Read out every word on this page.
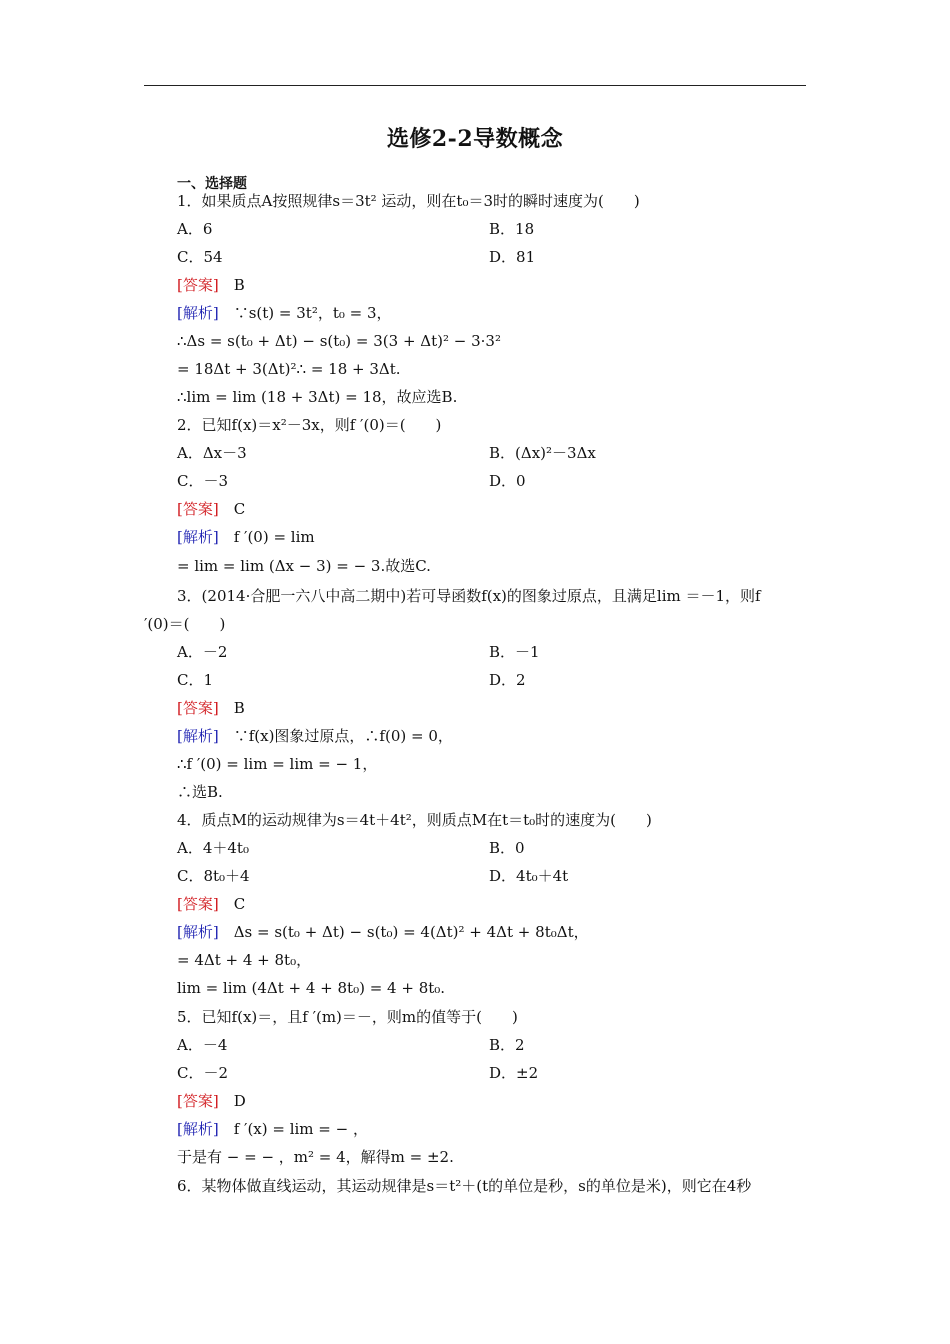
选修2-2导数概念
一、选择题
1．如果质点A按照规律s＝3t² 运动，则在t₀＝3时的瞬时速度为(　　)
A．6	B．18
C．54	D．81
[答案]　B
[解析]　∵s(t) = 3t²，t₀ = 3，
∴Δs = s(t₀ + Δt) − s(t₀) = 3(3 + Δt)² − 3·3²
= 18Δt + 3(Δt)²∴ = 18 + 3Δt.
∴lim = lim (18 + 3Δt) = 18，故应选B.
2．已知f(x)＝x²－3x，则f ′(0)＝(　　)
A．Δx－3	B．(Δx)²－3Δx
C．－3	D．0
[答案]　C
[解析]　f ′(0) = lim
= lim = lim (Δx − 3) = − 3.故选C.
3．(2014·合肥一六八中高二期中)若可导函数f(x)的图象过原点，且满足lim ＝－1，则f
′(0)＝(　　)
A．－2	B．－1
C．1	D．2
[答案]　B
[解析]　∵f(x)图象过原点，∴f(0) = 0，
∴f ′(0) = lim = lim = − 1，
∴选B.
4．质点M的运动规律为s＝4t＋4t²，则质点M在t＝t₀时的速度为(　　)
A．4＋4t₀	B．0
C．8t₀＋4	D．4t₀＋4t
[答案]　C
[解析]　Δs = s(t₀ + Δt) − s(t₀) = 4(Δt)² + 4Δt + 8t₀Δt，
= 4Δt + 4 + 8t₀，
lim = lim (4Δt + 4 + 8t₀) = 4 + 8t₀.
5．已知f(x)＝，且f ′(m)＝－，则m的值等于(　　)
A．－4	B．2
C．－2	D．±2
[答案]　D
[解析]　f ′(x) = lim = − ，
于是有 − = − ，m² = 4，解得m = ±2.
6．某物体做直线运动，其运动规律是s＝t²＋(t的单位是秒，s的单位是米)，则它在4秒
